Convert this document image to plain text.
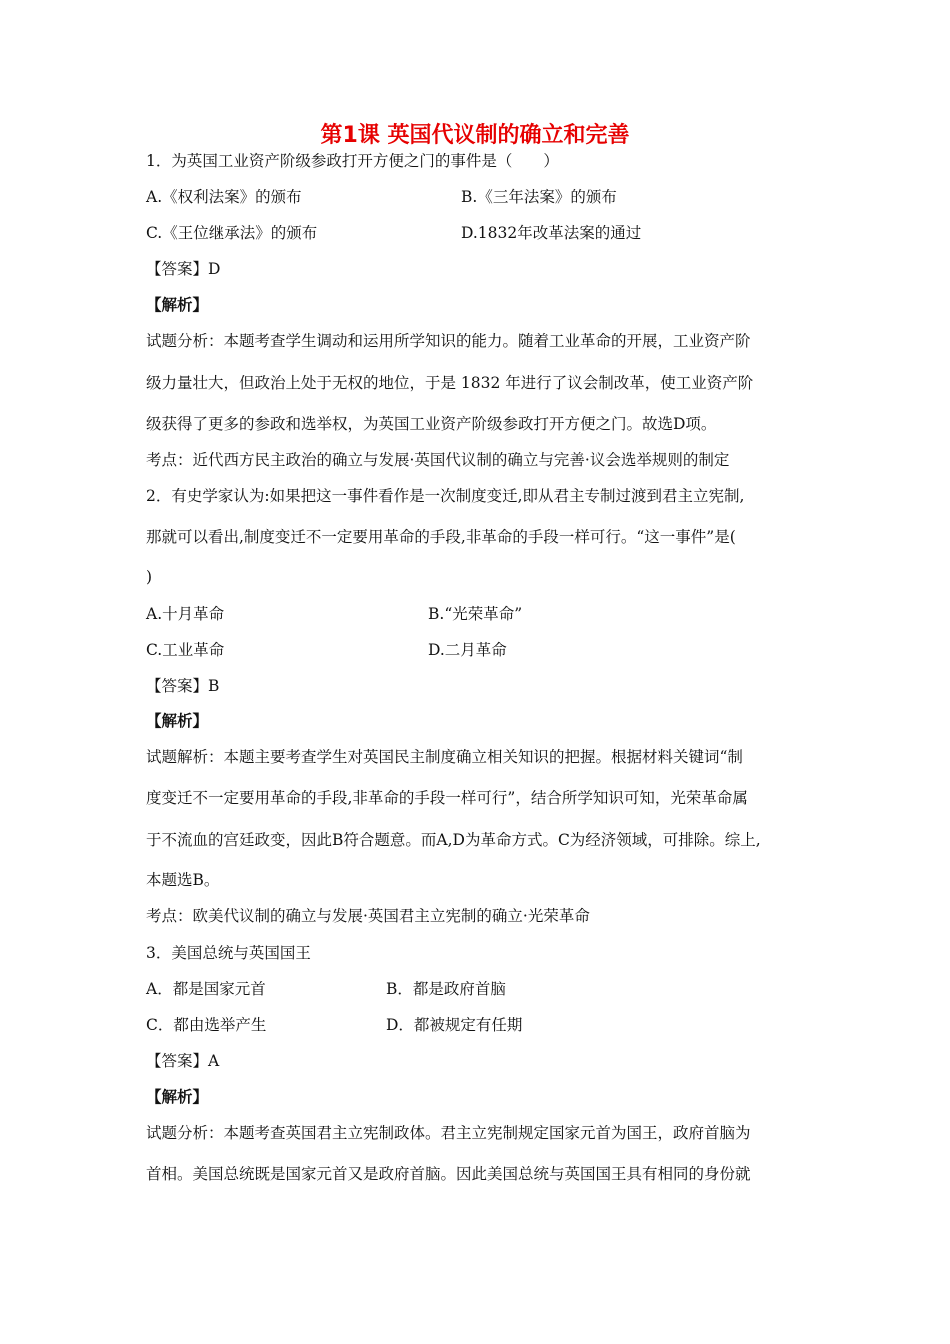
第1课 英国代议制的确立和完善
1．为英国工业资产阶级参政打开方便之门的事件是（　　）
A.《权利法案》的颁布	B.《三年法案》的颁布
C.《王位继承法》的颁布	D.1832年改革法案的通过
【答案】D
【解析】
试题分析：本题考查学生调动和运用所学知识的能力。随着工业革命的开展，工业资产阶
级力量壮大，但政治上处于无权的地位，于是 1832 年进行了议会制改革，使工业资产阶
级获得了更多的参政和选举权，为英国工业资产阶级参政打开方便之门。故选D项。
考点：近代西方民主政治的确立与发展·英国代议制的确立与完善·议会选举规则的制定
2．有史学家认为:如果把这一事件看作是一次制度变迁,即从君主专制过渡到君主立宪制,
那就可以看出,制度变迁不一定要用革命的手段,非革命的手段一样可行。“这一事件”是(
)
A.十月革命	B.“光荣革命”
C.工业革命	D.二月革命
【答案】B
【解析】
试题解析：本题主要考查学生对英国民主制度确立相关知识的把握。根据材料关键词“制
度变迁不一定要用革命的手段,非革命的手段一样可行”，结合所学知识可知，光荣革命属
于不流血的宫廷政变，因此B符合题意。而A,D为革命方式。C为经济领域，可排除。综上,
本题选B。
考点：欧美代议制的确立与发展·英国君主立宪制的确立·光荣革命
3．美国总统与英国国王
A．都是国家元首	B．都是政府首脑
C．都由选举产生	D．都被规定有任期
【答案】A
【解析】
试题分析：本题考查英国君主立宪制政体。君主立宪制规定国家元首为国王，政府首脑为
首相。美国总统既是国家元首又是政府首脑。因此美国总统与英国国王具有相同的身份就
